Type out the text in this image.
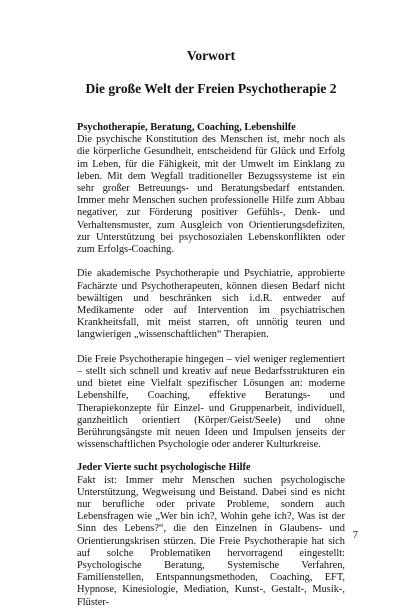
Vorwort
Die große Welt der Freien Psychotherapie 2
Psychotherapie, Beratung, Coaching, Lebenshilfe

Die psychische Konstitution des Menschen ist, mehr noch als die körperliche Gesundheit, entscheidend für Glück und Erfolg im Leben, für die Fähigkeit, mit der Umwelt im Einklang zu leben. Mit dem Wegfall traditioneller Bezugssysteme ist ein sehr großer Betreuungs- und Beratungsbedarf entstanden. Immer mehr Menschen suchen professionelle Hilfe zum Abbau negativer, zur Förderung positiver Gefühls-, Denk- und Verhaltensmuster, zum Ausgleich von Orientierungsdefiziten, zur Unterstützung bei psychosozialen Lebenskonflikten oder zum Erfolgs-Coaching.

Die akademische Psychotherapie und Psychiatrie, approbierte Fachärzte und Psychotherapeuten, können diesen Bedarf nicht bewältigen und beschränken sich i.d.R. entweder auf Medikamente oder auf Intervention im psychiatrischen Krankheitsfall, mit meist starren, oft unnötig teuren und langwierigen „wissenschaftlichen“ Therapien.

Die Freie Psychotherapie hingegen – viel weniger reglementiert – stellt sich schnell und kreativ auf neue Bedarfsstrukturen ein und bietet eine Vielfalt spezifischer Lösungen an: moderne Lebenshilfe, Coaching, effektive Beratungs- und Therapiekonzepte für Einzel- und Gruppenarbeit, individuell, ganzheitlich orientiert (Körper/Geist/Seele) und ohne Berührungsängste mit neuen Ideen und Impulsen jenseits der wissenschaftlichen Psychologie oder anderer Kulturkreise.

Jeder Vierte sucht psychologische Hilfe

Fakt ist: Immer mehr Menschen suchen psychologische Unterstützung, Wegweisung und Beistand. Dabei sind es nicht nur berufliche oder private Probleme, sondern auch Lebensfragen wie „Wer bin ich?, Wohin gehe ich?, Was ist der Sinn des Lebens?“, die den Einzelnen in Glaubens- und Orientierungskrisen stürzen. Die Freie Psychotherapie hat sich auf solche Problematiken hervorragend eingestellt: Psychologische Beratung, Systemische Verfahren, Familienstellen, Entspannungsmethoden, Coaching, EFT, Hypnose, Kinesiologie, Mediation, Kunst-, Gestalt-, Musik-, Flüster-

7
